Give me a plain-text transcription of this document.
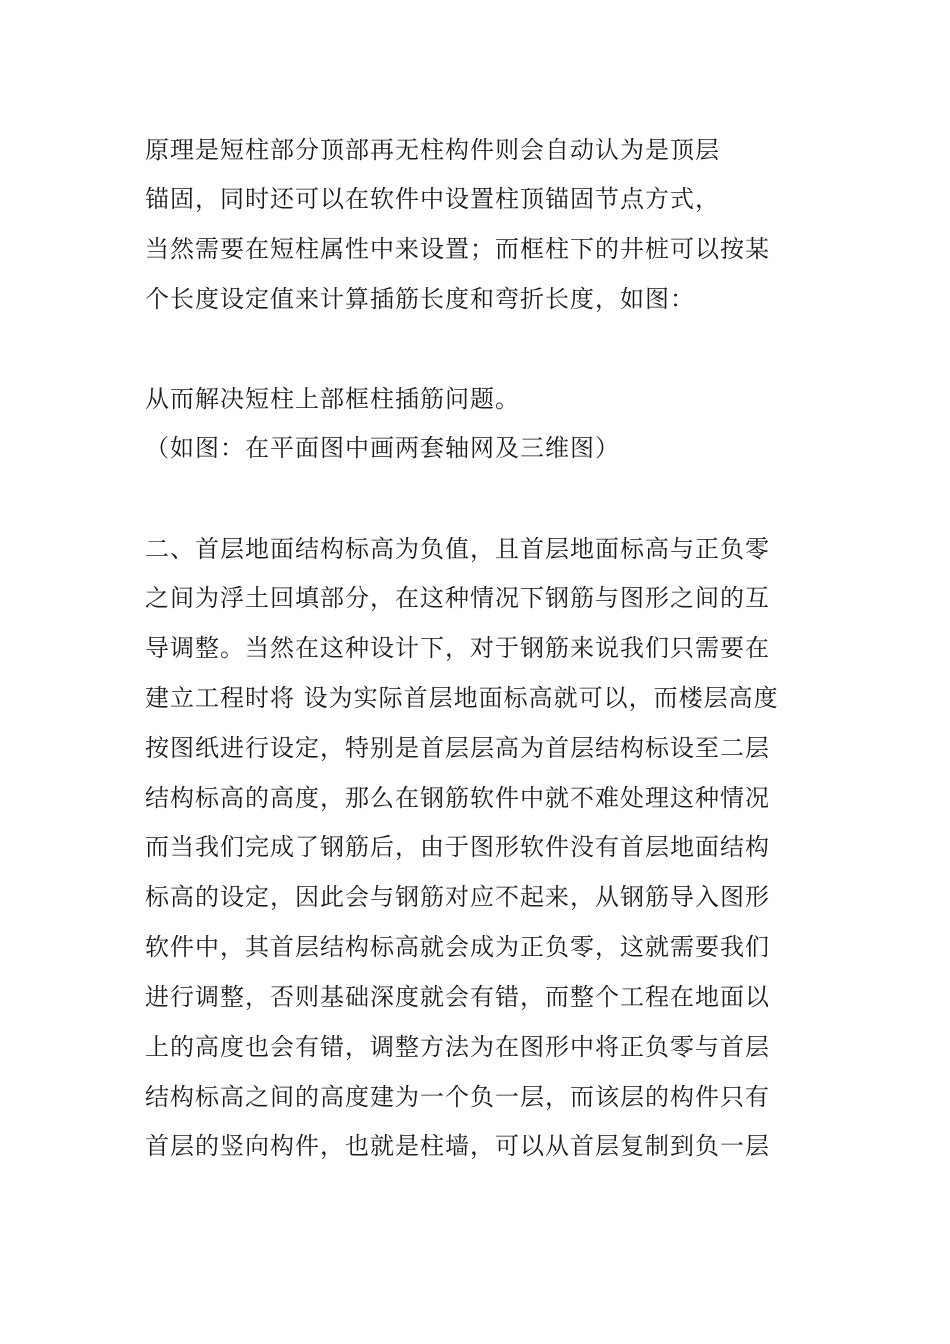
原理是短柱部分顶部再无柱构件则会自动认为是顶层
锚固，同时还可以在软件中设置柱顶锚固节点方式，
当然需要在短柱属性中来设置；而框柱下的井桩可以按某
个长度设定值来计算插筋长度和弯折长度，如图：
从而解决短柱上部框柱插筋问题。
（如图：在平面图中画两套轴网及三维图）
二、首层地面结构标高为负值，且首层地面标高与正负零
之间为浮土回填部分，在这种情况下钢筋与图形之间的互
导调整。当然在这种设计下，对于钢筋来说我们只需要在
建立工程时将 设为实际首层地面标高就可以，而楼层高度
按图纸进行设定，特别是首层层高为首层结构标设至二层
结构标高的高度，那么在钢筋软件中就不难处理这种情况
而当我们完成了钢筋后，由于图形软件没有首层地面结构
标高的设定，因此会与钢筋对应不起来，从钢筋导入图形
软件中，其首层结构标高就会成为正负零，这就需要我们
进行调整，否则基础深度就会有错，而整个工程在地面以
上的高度也会有错，调整方法为在图形中将正负零与首层
结构标高之间的高度建为一个负一层，而该层的构件只有
首层的竖向构件，也就是柱墙，可以从首层复制到负一层
